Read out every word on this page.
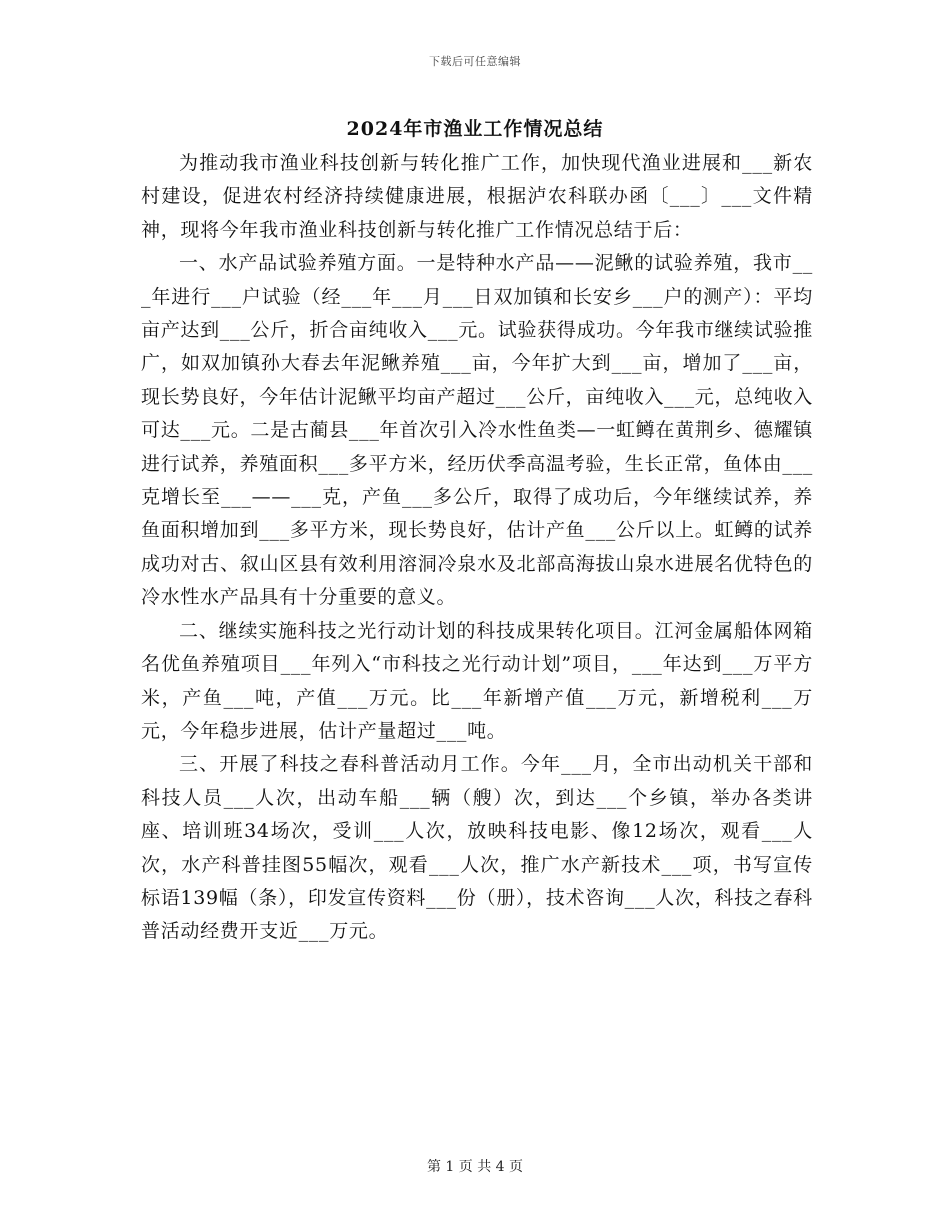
下载后可任意编辑
2024年市渔业工作情况总结

为推动我市渔业科技创新与转化推广工作，加快现代渔业进展和___新农村建设，促进农村经济持续健康进展，根据泸农科联办函〔___〕___文件精神，现将今年我市渔业科技创新与转化推广工作情况总结于后：

一、水产品试验养殖方面。一是特种水产品——泥鳅的试验养殖，我市___年进行___户试验（经___年___月___日双加镇和长安乡___户的测产）：平均亩产达到___公斤，折合亩纯收入___元。试验获得成功。今年我市继续试验推广，如双加镇孙大春去年泥鳅养殖___亩，今年扩大到___亩，增加了___亩，现长势良好，今年估计泥鳅平均亩产超过___公斤，亩纯收入___元，总纯收入可达___元。二是古蔺县___年首次引入冷水性鱼类—一虹鳟在黄荆乡、德耀镇进行试养，养殖面积___多平方米，经历伏季高温考验，生长正常，鱼体由___克增长至___——___克，产鱼___多公斤，取得了成功后，今年继续试养，养鱼面积增加到___多平方米，现长势良好，估计产鱼___公斤以上。虹鳟的试养成功对古、叙山区县有效利用溶洞冷泉水及北部高海拔山泉水进展名优特色的冷水性水产品具有十分重要的意义。

二、继续实施科技之光行动计划的科技成果转化项目。江河金属船体网箱名优鱼养殖项目___年列入“市科技之光行动计划”项目，___年达到___万平方米，产鱼___吨，产值___万元。比___年新增产值___万元，新增税利___万元，今年稳步进展，估计产量超过___吨。

三、开展了科技之春科普活动月工作。今年___月，全市出动机关干部和科技人员___人次，出动车船___辆（艘）次，到达___个乡镇，举办各类讲座、培训班34场次，受训___人次，放映科技电影、像12场次，观看___人次，水产科普挂图55幅次，观看___人次，推广水产新技术___项，书写宣传标语139幅（条），印发宣传资料___份（册），技术咨询___人次，科技之春科普活动经费开支近___万元。

第 1 页 共 4 页
